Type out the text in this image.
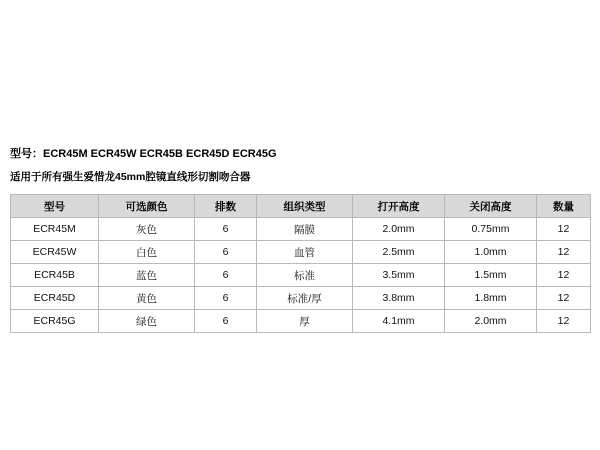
型号：ECR45M ECR45W ECR45B ECR45D ECR45G
适用于所有强生爱惜龙45mm腔镜直线形切割吻合器
型号	可选颜色	排数	组织类型	打开高度	关闭高度	数量
ECR45M	灰色	6	隔膜	2.0mm	0.75mm	12
ECR45W	白色	6	血管	2.5mm	1.0mm	12
ECR45B	蓝色	6	标准	3.5mm	1.5mm	12
ECR45D	黄色	6	标准/厚	3.8mm	1.8mm	12
ECR45G	绿色	6	厚	4.1mm	2.0mm	12
